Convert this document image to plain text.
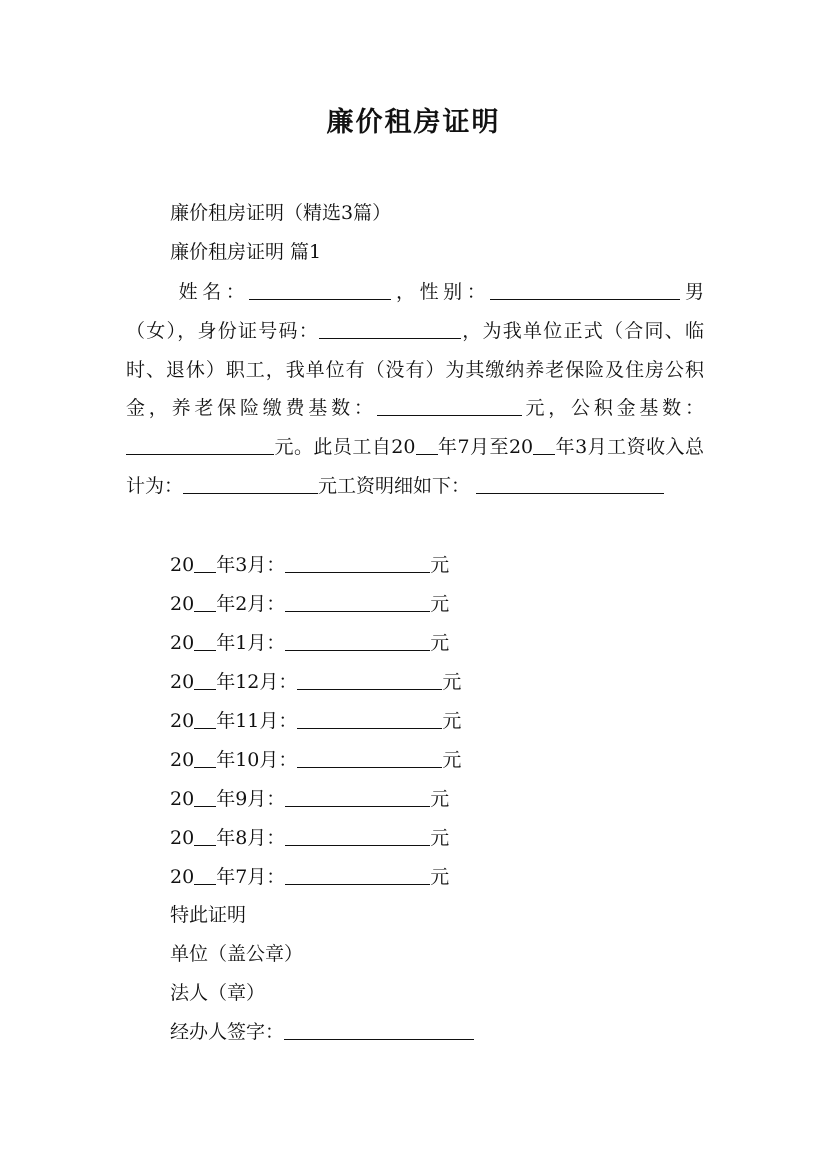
廉价租房证明
廉价租房证明（精选3篇）
廉价租房证明 篇1
姓名：	，性别：	男（女），身份证号码：	，为我单位正式（合同、临时、退休）职工，我单位有（没有）为其缴纳养老保险及住房公积金，养老保险缴费基数：	元，公积金基数：元。此员工自20 年7月至20 年3月工资收入总计为：	元工资明细如下：
20 年3月：	元
20 年2月：	元
20 年1月：	元
20 年12月：	元
20 年11月：	元
20 年10月：	元
20 年9月：	元
20 年8月：	元
20 年7月：	元
特此证明
单位（盖公章）
法人（章）
经办人签字：
